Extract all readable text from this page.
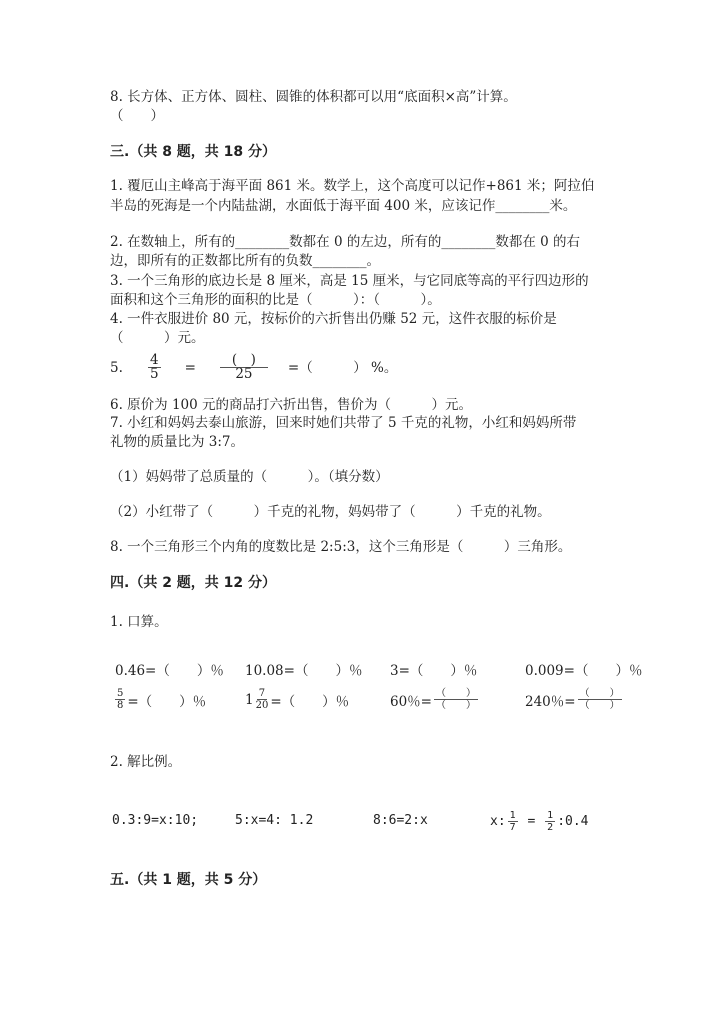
8. 长方体、正方体、圆柱、圆锥的体积都可以用“底面积×高”计算。
（　　）
三.（共 8 题，共 18 分）
1. 覆厄山主峰高于海平面 861 米。数学上，这个高度可以记作+861 米；阿拉伯
半岛的死海是一个内陆盐湖，水面低于海平面 400 米，应该记作________米。
2. 在数轴上，所有的________数都在 0 的左边，所有的________数都在 0 的右
边，即所有的正数都比所有的负数________。
3. 一个三角形的底边长是 8 厘米，高是 15 厘米，与它同底等高的平行四边形的
面积和这个三角形的面积的比是（　　　）：（　　　）。
4. 一件衣服进价 80 元，按标价的六折售出仍赚 52 元，这件衣服的标价是
（　　　）元。
5.	$\frac{4}{5} = \frac{( )}{25}$ =（　　　） %。
6. 原价为 100 元的商品打六折出售，售价为（　　　）元。
7. 小红和妈妈去泰山旅游，回来时她们共带了 5 千克的礼物，小红和妈妈所带
礼物的质量比为 3:7。
（1）妈妈带了总质量的（　　　）。（填分数）
（2）小红带了（　　　）千克的礼物，妈妈带了（　　　）千克的礼物。
8. 一个三角形三个内角的度数比是 2:5:3，这个三角形是（　　　）三角形。
四.（共 2 题，共 12 分）
1. 口算。
0.46=（　　）％ 10.08=（　　）％ 3=（　　）％	0.009=（　　）％
$\frac{5}{8}$ =（　　）％	$1 \frac{7}{20}$ =（　　）％	60％= $\frac{( )}{( )}$	240％= $\frac{( )}{( )}$
2. 解比例。
0.3:9=x:10;	5:x=4: 1.2	8:6=2:x	x: $\frac{1}{7} = \frac{1}{2}$ :0.4
五.（共 1 题，共 5 分）
